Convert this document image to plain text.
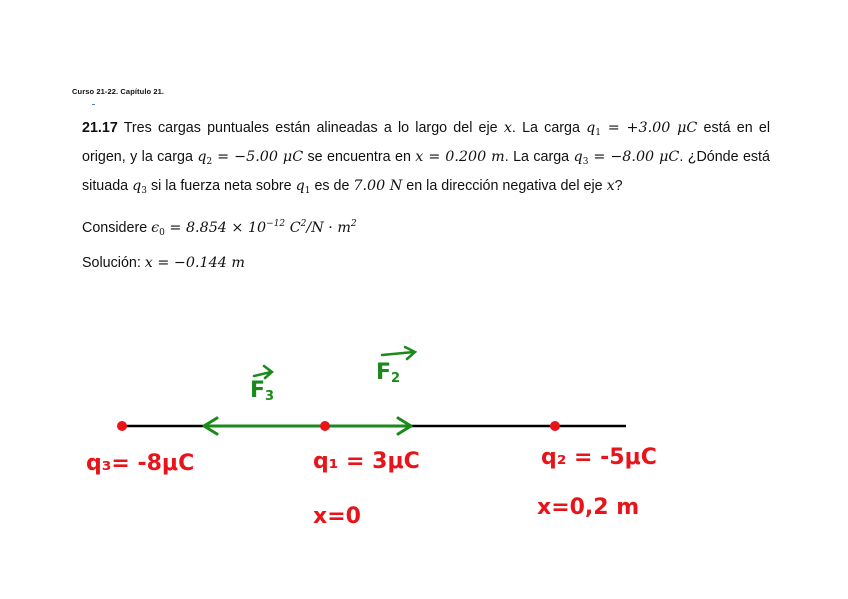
Curso 21-22. Capítulo 21.
21.17 Tres cargas puntuales están alineadas a lo largo del eje x. La carga $q_1 = +3.00$ μC está en el origen, y la carga $q_2 = -5.00$ μC se encuentra en x = 0.200 m. La carga $q_3 = -8.00$ μC. ¿Dónde está situada $q_3$ si la fuerza neta sobre $q_1$ es de 7.00 N en la dirección negativa del eje x?
Considere $\epsilon_0 = 8.854 \times 10^{-12}$ $C^2/N \cdot m^2$
Solución: x = −0.144 m
$F_3$
$F_2$
q₃= -8μC	q₁ = 3μC	q₂ = -5μC
x=0	x=0,2 m
